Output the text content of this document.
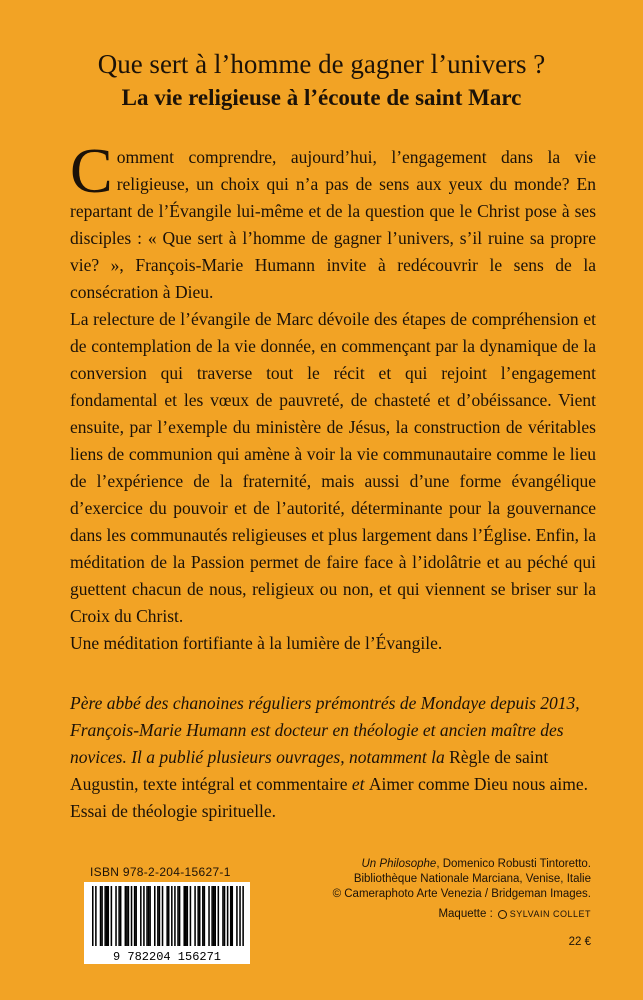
Que sert à l’homme de gagner l’univers ?
La vie religieuse à l’écoute de saint Marc

Comment comprendre, aujourd’hui, l’engagement dans la vie religieuse, un choix qui n’a pas de sens aux yeux du monde? En repartant de l’Évangile lui-même et de la question que le Christ pose à ses disciples : « Que sert à l’homme de gagner l’univers, s’il ruine sa propre vie? », François-Marie Humann invite à redécouvrir le sens de la consécration à Dieu.

La relecture de l’évangile de Marc dévoile des étapes de compréhension et de contemplation de la vie donnée, en commençant par la dynamique de la conversion qui traverse tout le récit et qui rejoint l’engagement fondamental et les vœux de pauvreté, de chasteté et d’obéissance. Vient ensuite, par l’exemple du ministère de Jésus, la construction de véritables liens de communion qui amène à voir la vie communautaire comme le lieu de l’expérience de la fraternité, mais aussi d’une forme évangélique d’exercice du pouvoir et de l’autorité, déterminante pour la gouvernance dans les communautés religieuses et plus largement dans l’Église. Enfin, la méditation de la Passion permet de faire face à l’idolâtrie et au péché qui guettent chacun de nous, religieux ou non, et qui viennent se briser sur la Croix du Christ.

Une méditation fortifiante à la lumière de l’Évangile.

Père abbé des chanoines réguliers prémontrés de Mondaye depuis 2013, François-Marie Humann est docteur en théologie et ancien maître des novices. Il a publié plusieurs ouvrages, notamment la Règle de saint Augustin, texte intégral et commentaire et Aimer comme Dieu nous aime. Essai de théologie spirituelle.
ISBN 978-2-204-15627-1
9 782204 156271

Un Philosophe, Domenico Robusti Tintoretto.

Bibliothèque Nationale Marciana, Venise, Italie

© Cameraphoto Arte Venezia / Bridgeman Images.

Maquette : SYLVAIN COLLET
22 €
